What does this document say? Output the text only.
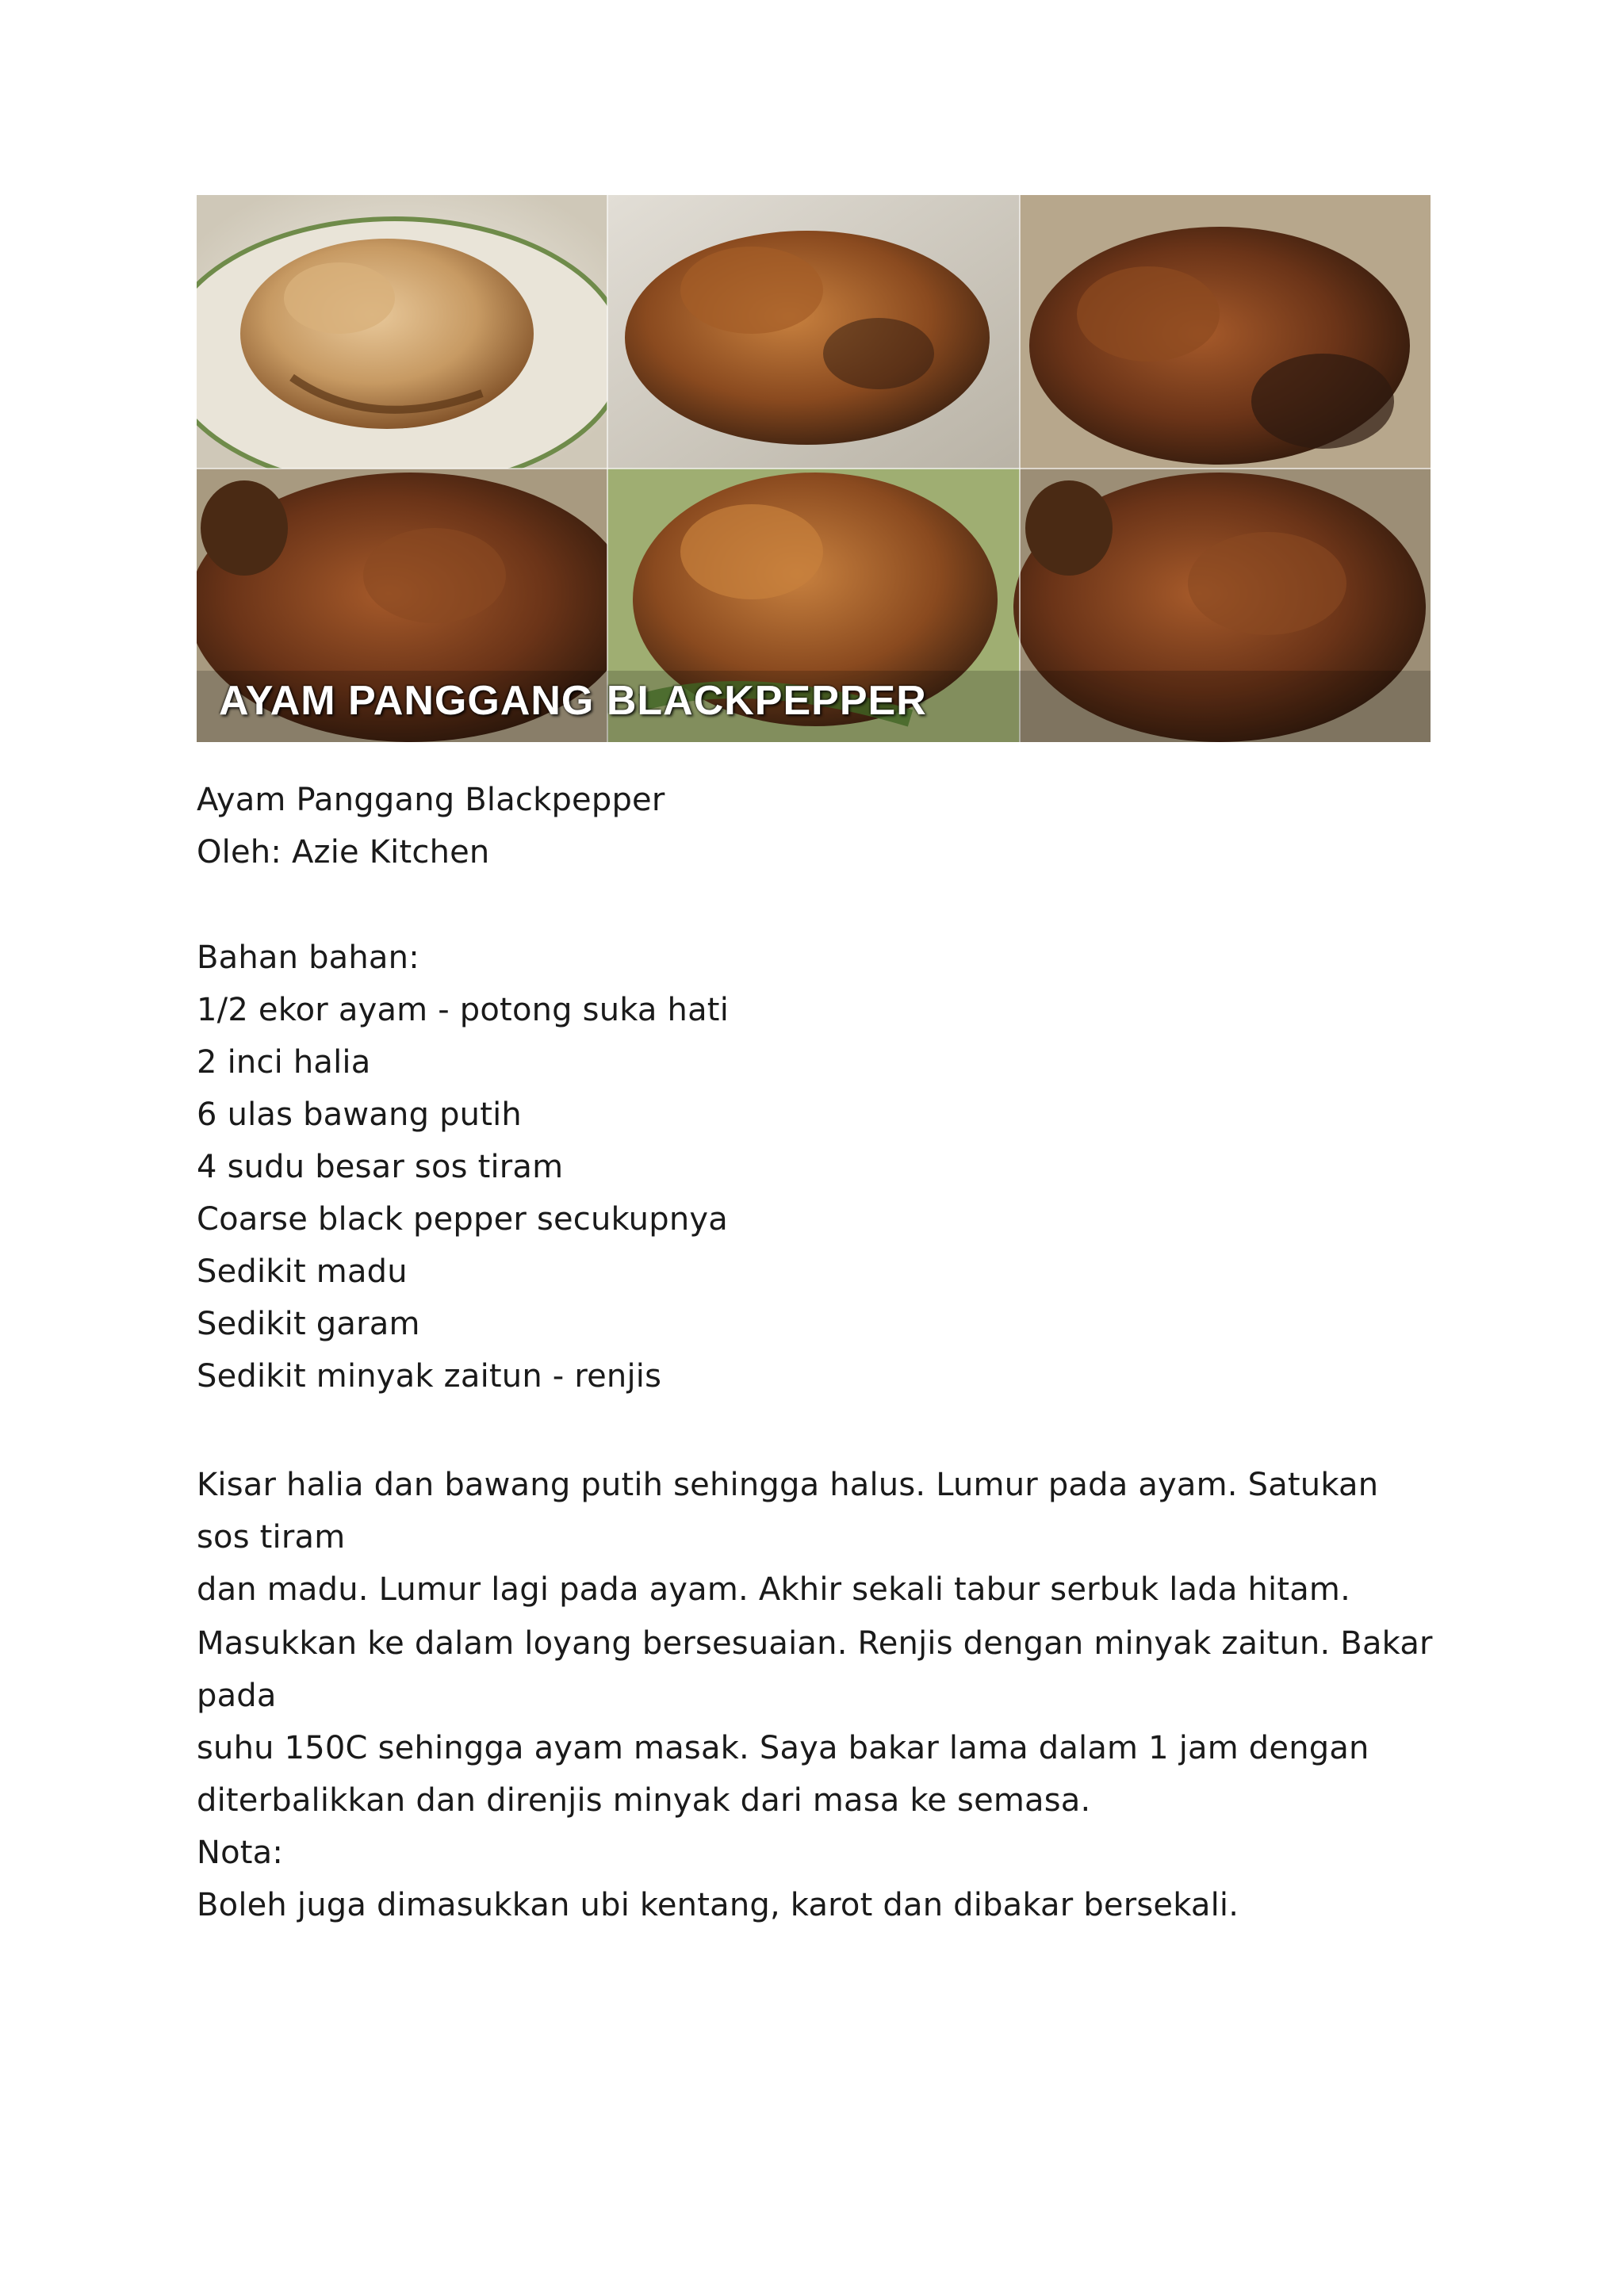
AYAM PANGGANG BLACKPEPPER

Ayam Panggang Blackpepper

Oleh: Azie Kitchen

Bahan bahan:

1/2 ekor ayam - potong suka hati

2 inci halia

6 ulas bawang putih

4 sudu besar sos tiram

Coarse black pepper secukupnya

Sedikit madu

Sedikit garam

Sedikit minyak zaitun - renjis

Kisar halia dan bawang putih sehingga halus. Lumur pada ayam. Satukan sos tiram

dan madu. Lumur lagi pada ayam. Akhir sekali tabur serbuk lada hitam.

Masukkan ke dalam loyang bersesuaian. Renjis dengan minyak zaitun. Bakar pada

suhu 150C sehingga ayam masak. Saya bakar lama dalam 1 jam dengan

diterbalikkan dan direnjis minyak dari masa ke semasa.

Nota:

Boleh juga dimasukkan ubi kentang, karot dan dibakar bersekali.
